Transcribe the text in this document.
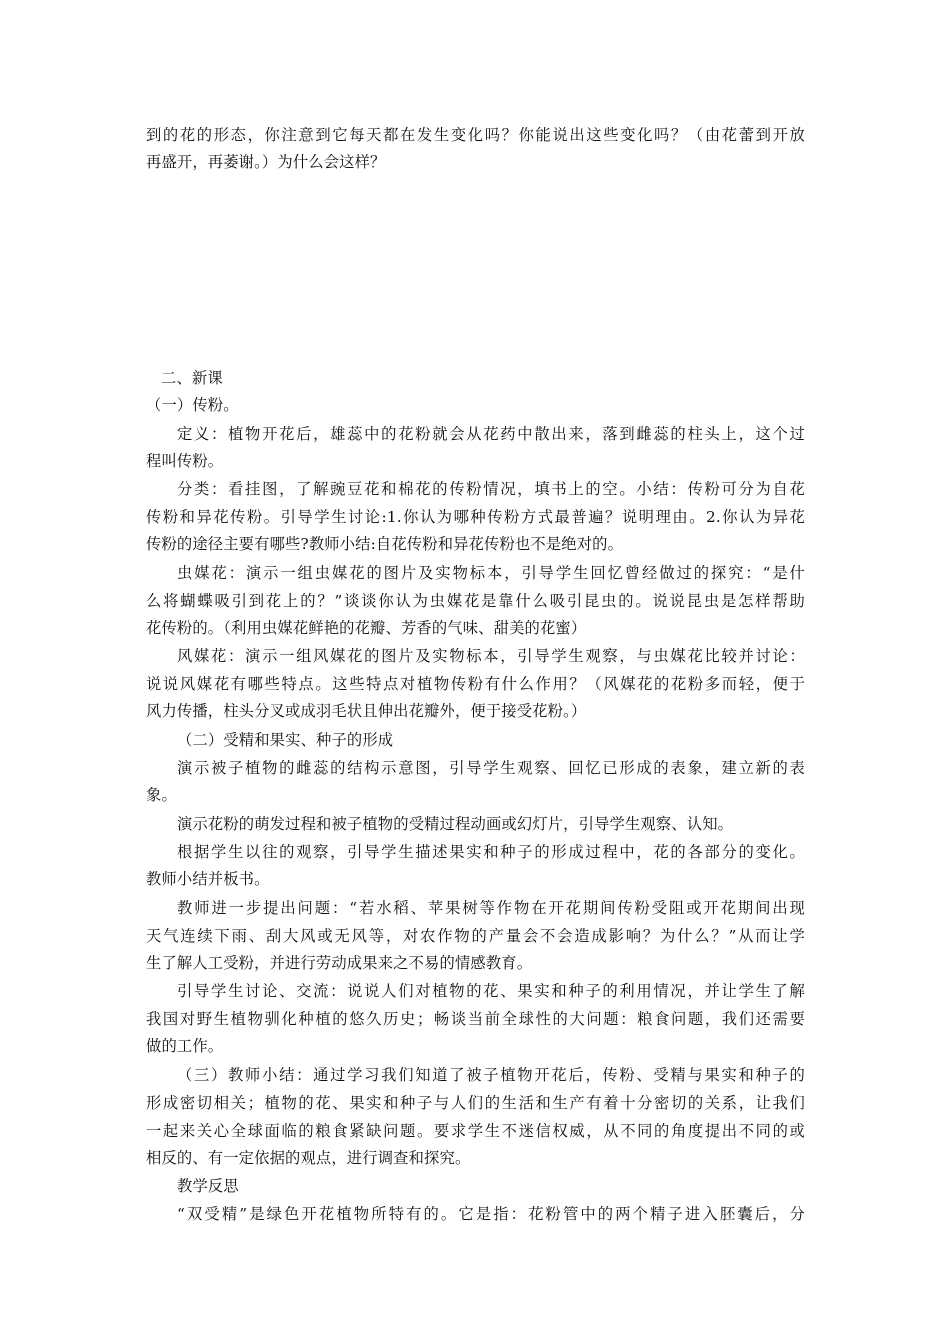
到的花的形态，你注意到它每天都在发生变化吗？你能说出这些变化吗？（由花蕾到开放
再盛开，再萎谢。）为什么会这样？
二、新课
（一）传粉。
定义：植物开花后，雄蕊中的花粉就会从花药中散出来，落到雌蕊的柱头上，这个过
程叫传粉。
分类：看挂图，了解豌豆花和棉花的传粉情况，填书上的空。小结：传粉可分为自花
传粉和异花传粉。引导学生讨论:1.你认为哪种传粉方式最普遍？说明理由。2.你认为异花
传粉的途径主要有哪些?教师小结:自花传粉和异花传粉也不是绝对的。
虫媒花：演示一组虫媒花的图片及实物标本，引导学生回忆曾经做过的探究：“是什
么将蝴蝶吸引到花上的？”谈谈你认为虫媒花是靠什么吸引昆虫的。说说昆虫是怎样帮助
花传粉的。（利用虫媒花鲜艳的花瓣、芳香的气味、甜美的花蜜）
风媒花：演示一组风媒花的图片及实物标本，引导学生观察，与虫媒花比较并讨论：
说说风媒花有哪些特点。这些特点对植物传粉有什么作用？（风媒花的花粉多而轻，便于
风力传播，柱头分叉或成羽毛状且伸出花瓣外，便于接受花粉。）
（二）受精和果实、种子的形成
演示被子植物的雌蕊的结构示意图，引导学生观察、回忆已形成的表象，建立新的表
象。
演示花粉的萌发过程和被子植物的受精过程动画或幻灯片，引导学生观察、认知。
根据学生以往的观察，引导学生描述果实和种子的形成过程中，花的各部分的变化。
教师小结并板书。
教师进一步提出问题：“若水稻、苹果树等作物在开花期间传粉受阻或开花期间出现
天气连续下雨、刮大风或无风等，对农作物的产量会不会造成影响？为什么？”从而让学
生了解人工受粉，并进行劳动成果来之不易的情感教育。
引导学生讨论、交流：说说人们对植物的花、果实和种子的利用情况，并让学生了解
我国对野生植物驯化种植的悠久历史；畅谈当前全球性的大问题：粮食问题，我们还需要
做的工作。
（三）教师小结：通过学习我们知道了被子植物开花后，传粉、受精与果实和种子的
形成密切相关；植物的花、果实和种子与人们的生活和生产有着十分密切的关系，让我们
一起来关心全球面临的粮食紧缺问题。要求学生不迷信权威，从不同的角度提出不同的或
相反的、有一定依据的观点，进行调查和探究。
教学反思
“双受精”是绿色开花植物所特有的。它是指：花粉管中的两个精子进入胚囊后，分
